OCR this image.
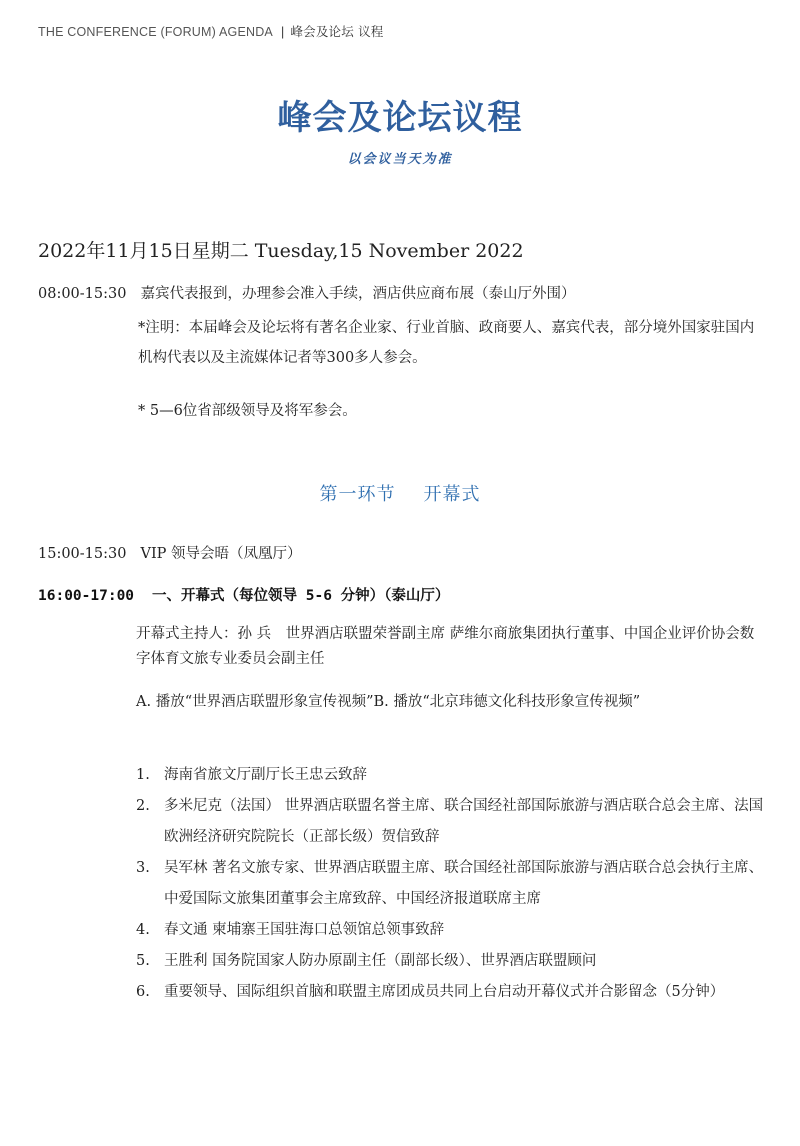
THE CONFERENCE (FORUM) AGENDA | 峰会及论坛 议程
峰会及论坛议程
以会议当天为准
2022年11月15日星期二 Tuesday,15 November 2022
08:00-15:30 嘉宾代表报到，办理参会准入手续，酒店供应商布展（泰山厅外围）
*注明：本届峰会及论坛将有著名企业家、行业首脑、政商要人、嘉宾代表，部分境外国家驻国内机构代表以及主流媒体记者等300多人参会。
* 5—6位省部级领导及将军参会。
第一环节 开幕式
15:00-15:30 VIP 领导会晤（凤凰厅）
16:00-17:00 一、开幕式（每位领导 5-6 分钟）（泰山厅）
开幕式主持人：孙 兵　世界酒店联盟荣誉副主席 萨维尔商旅集团执行董事、中国企业评价协会数字体育文旅专业委员会副主任
A. 播放“世界酒店联盟形象宣传视频”B. 播放“北京玮德文化科技形象宣传视频”
1. 海南省旅文厅副厅长王忠云致辞
2. 多米尼克（法国） 世界酒店联盟名誉主席、联合国经社部国际旅游与酒店联合总会主席、法国欧洲经济研究院院长（正部长级）贺信致辞
3. 吴军林 著名文旅专家、世界酒店联盟主席、联合国经社部国际旅游与酒店联合总会执行主席、中爱国际文旅集团董事会主席致辞、中国经济报道联席主席
4. 春文通 柬埔寨王国驻海口总领馆总领事致辞
5. 王胜利 国务院国家人防办原副主任（副部长级）、世界酒店联盟顾问
6. 重要领导、国际组织首脑和联盟主席团成员共同上台启动开幕仪式并合影留念（5分钟）
